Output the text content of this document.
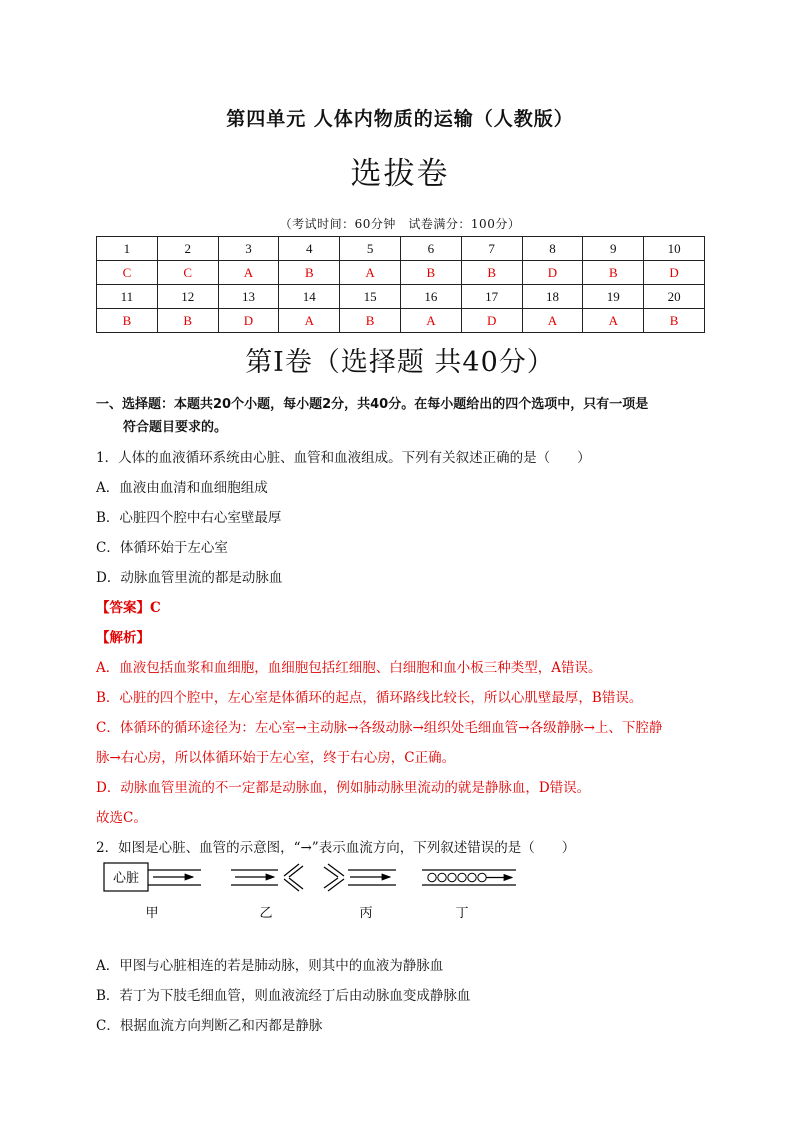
第四单元 人体内物质的运输（人教版）
选拔卷
（考试时间：60分钟　试卷满分：100分）
1	2	3	4	5	6	7	8	9	10
C	C	A	B	A	B	B	D	B	D
11	12	13	14	15	16	17	18	19	20
B	B	D	A	B	A	D	A	A	B
第Ⅰ卷（选择题 共40分）
一、选择题：本题共20个小题，每小题2分，共40分。在每小题给出的四个选项中，只有一项是
符合题目要求的。
1．人体的血液循环系统由心脏、血管和血液组成。下列有关叙述正确的是（　　）
A．血液由血清和血细胞组成
B．心脏四个腔中右心室壁最厚
C．体循环始于左心室
D．动脉血管里流的都是动脉血
【答案】C
【解析】
A．血液包括血浆和血细胞，血细胞包括红细胞、白细胞和血小板三种类型，A错误。
B．心脏的四个腔中，左心室是体循环的起点，循环路线比较长，所以心肌壁最厚，B错误。
C．体循环的循环途径为：左心室→主动脉→各级动脉→组织处毛细血管→各级静脉→上、下腔静
脉→右心房，所以体循环始于左心室，终于右心房，C正确。
D．动脉血管里流的不一定都是动脉血，例如肺动脉里流动的就是静脉血，D错误。
故选C。
2．如图是心脏、血管的示意图，“→”表示血流方向，下列叙述错误的是（　　）
心脏
甲	乙	丙	丁
A．甲图与心脏相连的若是肺动脉，则其中的血液为静脉血
B．若丁为下肢毛细血管，则血液流经丁后由动脉血变成静脉血
C．根据血流方向判断乙和丙都是静脉
